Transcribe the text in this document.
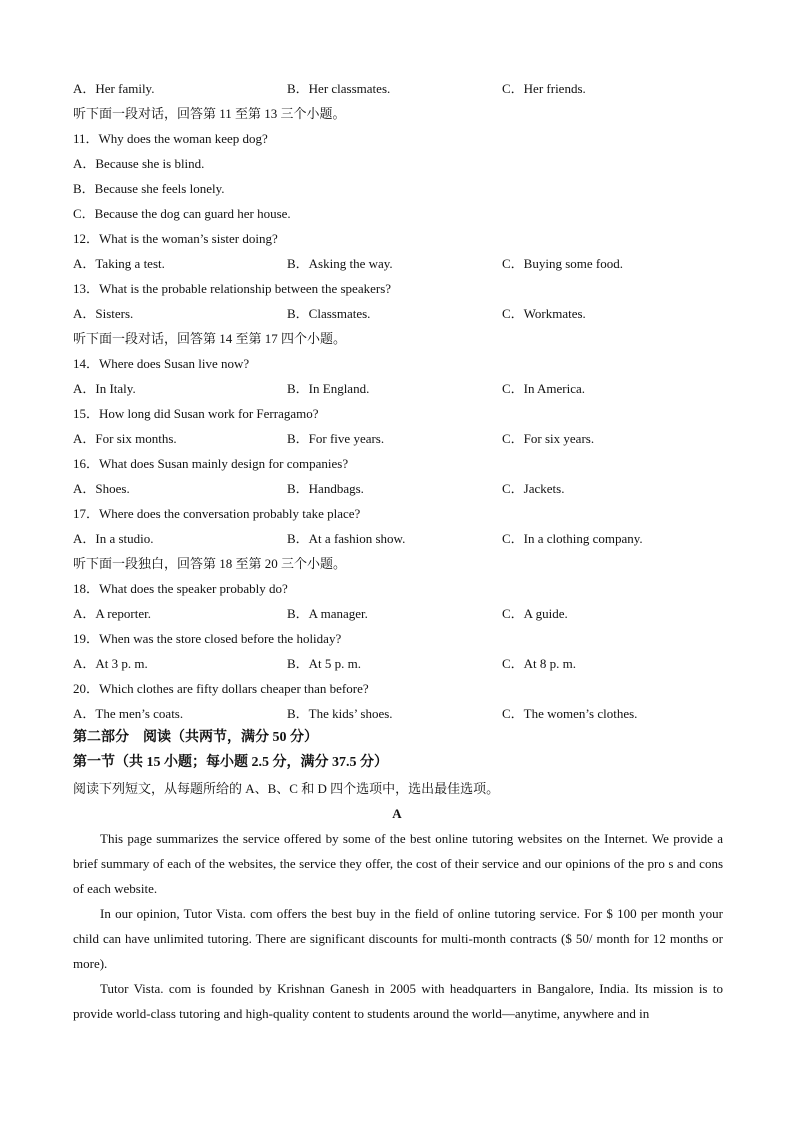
A．Her family.	B．Her classmates.	C．Her friends.
听下面一段对话，回答第 11 至第 13 三个小题。
11．Why does the woman keep dog?
A．Because she is blind.
B．Because she feels lonely.
C．Because the dog can guard her house.
12．What is the woman’s sister doing?
A．Taking a test.	B．Asking the way.	C．Buying some food.
13．What is the probable relationship between the speakers?
A．Sisters.	B．Classmates.	C．Workmates.
听下面一段对话，回答第 14 至第 17 四个小题。
14．Where does Susan live now?
A．In Italy.	B．In England.	C．In America.
15．How long did Susan work for Ferragamo?
A．For six months.	B．For five years.	C．For six years.
16．What does Susan mainly design for companies?
A．Shoes.	B．Handbags.	C．Jackets.
17．Where does the conversation probably take place?
A．In a studio.	B．At a fashion show.	C．In a clothing company.
听下面一段独白，回答第 18 至第 20 三个小题。
18．What does the speaker probably do?
A．A reporter.	B．A manager.	C．A guide.
19．When was the store closed before the holiday?
A．At 3 p. m.	B．At 5 p. m.	C．At 8 p. m.
20．Which clothes are fifty dollars cheaper than before?
A．The men’s coats.	B．The kids’ shoes.	C．The women’s clothes.
第二部分　阅读（共两节，满分 50 分）
第一节（共 15 小题；每小题 2.5 分，满分 37.5 分）
阅读下列短文，从每题所给的 A、B、C 和 D 四个选项中，选出最佳选项。
A

This page summarizes the service offered by some of the best online tutoring websites on the Internet. We provide a brief summary of each of the websites, the service they offer, the cost of their service and our opinions of the pro s and cons of each website.

In our opinion, Tutor Vista. com offers the best buy in the field of online tutoring service. For $ 100 per month your child can have unlimited tutoring. There are significant discounts for multi-month contracts ($ 50/ month for 12 months or more).

Tutor Vista. com is founded by Krishnan Ganesh in 2005 with headquarters in Bangalore, India. Its mission is to provide world-class tutoring and high-quality content to students around the world—anytime, anywhere and in
